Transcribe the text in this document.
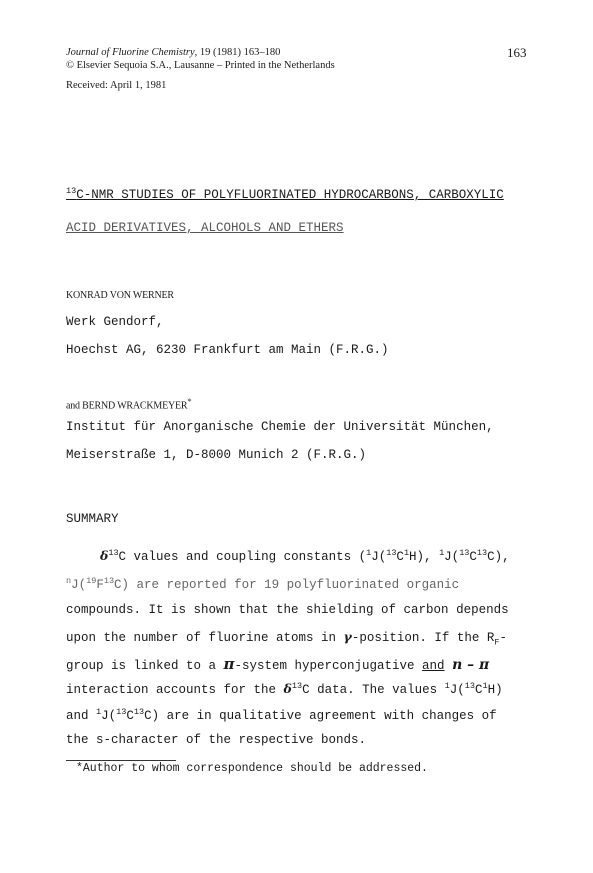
Journal of Fluorine Chemistry, 19 (1981) 163–180
© Elsevier Sequoia S.A., Lausanne – Printed in the Netherlands
Received: April 1, 1981
163
$^{13}$C-NMR STUDIES OF POLYFLUORINATED HYDROCARBONS, CARBOXYLIC
ACID DERIVATIVES, ALCOHOLS AND ETHERS
KONRAD VON WERNER
Werk Gendorf,
Hoechst AG, 6230 Frankfurt am Main (F.R.G.)
and BERND WRACKMEYER*
Institut für Anorganische Chemie der Universität München,
Meiserstraße 1, D-8000 Munich 2 (F.R.G.)
SUMMARY
$\delta^{13}C$ values and coupling constants ($^1J(^{13}C^1H)$, $^1J(^{13}C^{13}C)$,
$^nJ(^{19}F^{13}C)$ are reported for 19 polyfluorinated organic
compounds. It is shown that the shielding of carbon depends
upon the number of fluorine atoms in γ-position. If the $R_F-$
group is linked to a π-system hyperconjugative and n – π
interaction accounts for the $\delta^{13}C$ data. The values $^1J(^{13}C^1H)$
and $^1J(^{13}C^{13}C)$ are in qualitative agreement with changes of
the s-character of the respective bonds.
*Author to whom correspondence should be addressed.
